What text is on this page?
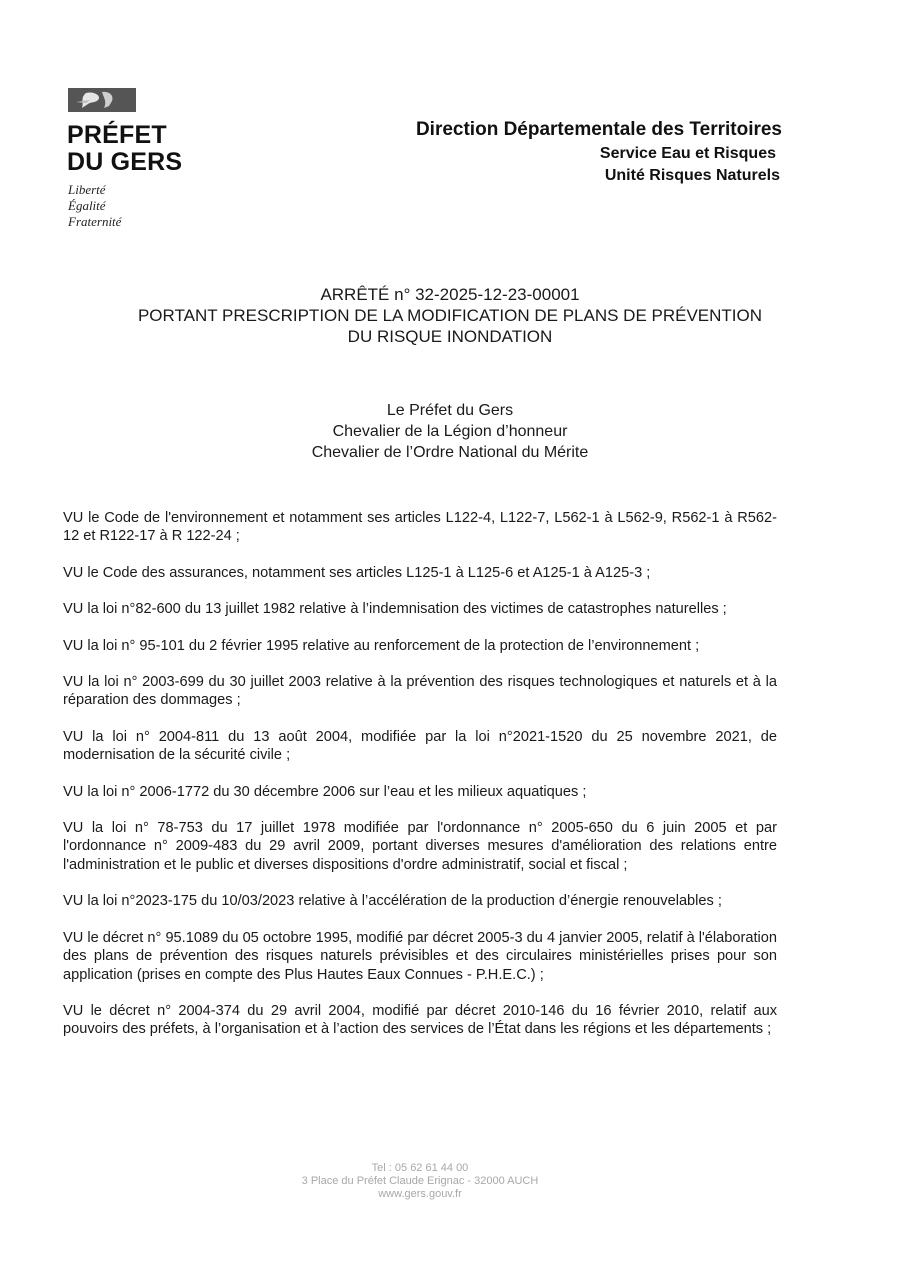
PRÉFET
DU GERS
Liberté
Égalité
Fraternité
Direction Départementale des Territoires
Service Eau et Risques
Unité Risques Naturels
ARRÊTÉ n° 32-2025-12-23-00001
PORTANT PRESCRIPTION DE LA MODIFICATION DE PLANS DE PRÉVENTION
DU RISQUE INONDATION
Le Préfet du Gers
Chevalier de la Légion d’honneur
Chevalier de l’Ordre National du Mérite

VU le Code de l'environnement et notamment ses articles L122-4, L122-7, L562-1 à L562-9, R562-1 à R562-12 et R122-17 à R 122-24 ;

VU le Code des assurances, notamment ses articles L125-1 à L125-6 et A125-1 à A125-3 ;

VU la loi n°82-600 du 13 juillet 1982 relative à l’indemnisation des victimes de catastrophes naturelles ;

VU la loi n° 95-101 du 2 février 1995 relative au renforcement de la protection de l’environnement ;

VU la loi n° 2003-699 du 30 juillet 2003 relative à la prévention des risques technologiques et naturels et à la réparation des dommages ;

VU la loi n° 2004-811 du 13 août 2004, modifiée par la loi n°2021-1520 du 25 novembre 2021, de modernisation de la sécurité civile ;

VU la loi n° 2006-1772 du 30 décembre 2006 sur l’eau et les milieux aquatiques ;

VU la loi n° 78-753 du 17 juillet 1978 modifiée par l'ordonnance n° 2005-650 du 6 juin 2005 et par l'ordonnance n° 2009-483 du 29 avril 2009, portant diverses mesures d'amélioration des relations entre l'administration et le public et diverses dispositions d'ordre administratif, social et fiscal ;

VU la loi n°2023-175 du 10/03/2023 relative à l’accélération de la production d’énergie renouvelables ;

VU le décret n° 95.1089 du 05 octobre 1995, modifié par décret 2005-3 du 4 janvier 2005, relatif à l'élaboration des plans de prévention des risques naturels prévisibles et des circulaires ministérielles prises pour son application (prises en compte des Plus Hautes Eaux Connues - P.H.E.C.) ;

VU le décret n° 2004-374 du 29 avril 2004, modifié par décret 2010-146 du 16 février 2010, relatif aux pouvoirs des préfets, à l’organisation et à l’action des services de l’État dans les régions et les départements ;

Tel : 05 62 61 44 00
3 Place du Préfet Claude Erignac - 32000 AUCH
www.gers.gouv.fr
